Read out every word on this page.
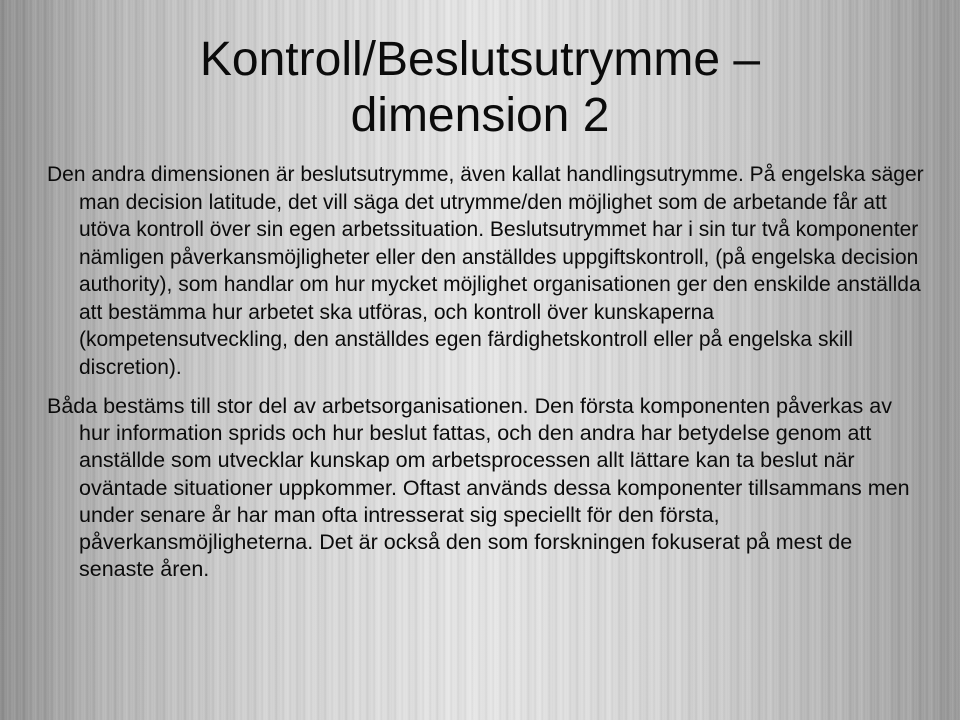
Kontroll/Beslutsutrymme –
dimension 2

Den andra dimensionen är beslutsutrymme, även kallat handlingsutrymme. På engelska säger man decision latitude, det vill säga det utrymme/den möjlighet som de arbetande får att utöva kontroll över sin egen arbetssituation. Beslutsutrymmet har i sin tur två komponenter nämligen påverkansmöjligheter eller den anställdes uppgiftskontroll, (på engelska decision authority), som handlar om hur mycket möjlighet organisationen ger den enskilde anställda att bestämma hur arbetet ska utföras, och kontroll över kunskaperna (kompetensutveckling, den anställdes egen färdighetskontroll eller på engelska skill discretion).

Båda bestäms till stor del av arbetsorganisationen. Den första komponenten påverkas av hur information sprids och hur beslut fattas, och den andra har betydelse genom att anställde som utvecklar kunskap om arbetsprocessen allt lättare kan ta beslut när oväntade situationer uppkommer. Oftast används dessa komponenter tillsammans men under senare år har man ofta intresserat sig speciellt för den första, påverkansmöjligheterna. Det är också den som forskningen fokuserat på mest de senaste åren.
